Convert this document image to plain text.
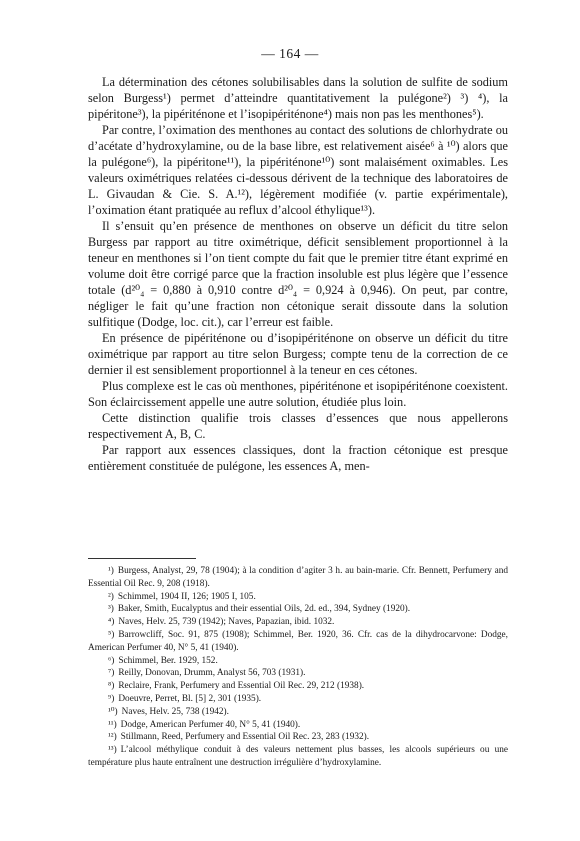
— 164 —

La détermination des cétones solubilisables dans la solution de sulfite de sodium selon Burgess¹) permet d’atteindre quantitativement la pulégone²) ³) ⁴), la pipéritone³), la pipériténone et l’isopipériténone⁴) mais non pas les menthones⁵).

Par contre, l’oximation des menthones au contact des solutions de chlorhydrate ou d’acétate d’hydroxylamine, ou de la base libre, est relativement aisée⁶ à ¹⁰) alors que la pulégone⁶), la pipéritone¹¹), la pipériténone¹⁰) sont malaisément oximables. Les valeurs oximétriques relatées ci-dessous dérivent de la technique des laboratoires de L. Givaudan & Cie. S. A.¹²), légèrement modifiée (v. partie expérimentale), l’oximation étant pratiquée au reflux d’alcool éthylique¹³).

Il s’ensuit qu’en présence de menthones on observe un déficit du titre selon Burgess par rapport au titre oximétrique, déficit sensiblement proportionnel à la teneur en menthones si l’on tient compte du fait que le premier titre étant exprimé en volume doit être corrigé parce que la fraction insoluble est plus légère que l’essence totale (d²⁰₄ = 0,880 à 0,910 contre d²⁰₄ = 0,924 à 0,946). On peut, par contre, négliger le fait qu’une fraction non cétonique serait dissoute dans la solution sulfitique (Dodge, loc. cit.), car l’erreur est faible.

En présence de pipériténone ou d’isopipériténone on observe un déficit du titre oximétrique par rapport au titre selon Burgess; compte tenu de la correction de ce dernier il est sensiblement proportionnel à la teneur en ces cétones.

Plus complexe est le cas où menthones, pipériténone et isopipériténone coexistent. Son éclaircissement appelle une autre solution, étudiée plus loin.

Cette distinction qualifie trois classes d’essences que nous appellerons respectivement A, B, C.

Par rapport aux essences classiques, dont la fraction cétonique est presque entièrement constituée de pulégone, les essences A, men-

¹) Burgess, Analyst, 29, 78 (1904); à la condition d’agiter 3 h. au bain-marie. Cfr. Bennett, Perfumery and Essential Oil Rec. 9, 208 (1918).

²) Schimmel, 1904 II, 126; 1905 I, 105.

³) Baker, Smith, Eucalyptus and their essential Oils, 2d. ed., 394, Sydney (1920).

⁴) Naves, Helv. 25, 739 (1942); Naves, Papazian, ibid. 1032.

⁵) Barrowcliff, Soc. 91, 875 (1908); Schimmel, Ber. 1920, 36. Cfr. cas de la dihydrocarvone: Dodge, American Perfumer 40, N° 5, 41 (1940).

⁶) Schimmel, Ber. 1929, 152.

⁷) Reilly, Donovan, Drumm, Analyst 56, 703 (1931).

⁸) Reclaire, Frank, Perfumery and Essential Oil Rec. 29, 212 (1938).

⁹) Doeuvre, Perret, Bl. [5] 2, 301 (1935).

¹⁰) Naves, Helv. 25, 738 (1942).

¹¹) Dodge, American Perfumer 40, N° 5, 41 (1940).

¹²) Stillmann, Reed, Perfumery and Essential Oil Rec. 23, 283 (1932).

¹³) L’alcool méthylique conduit à des valeurs nettement plus basses, les alcools supérieurs ou une température plus haute entraînent une destruction irrégulière d’hydroxylamine.
